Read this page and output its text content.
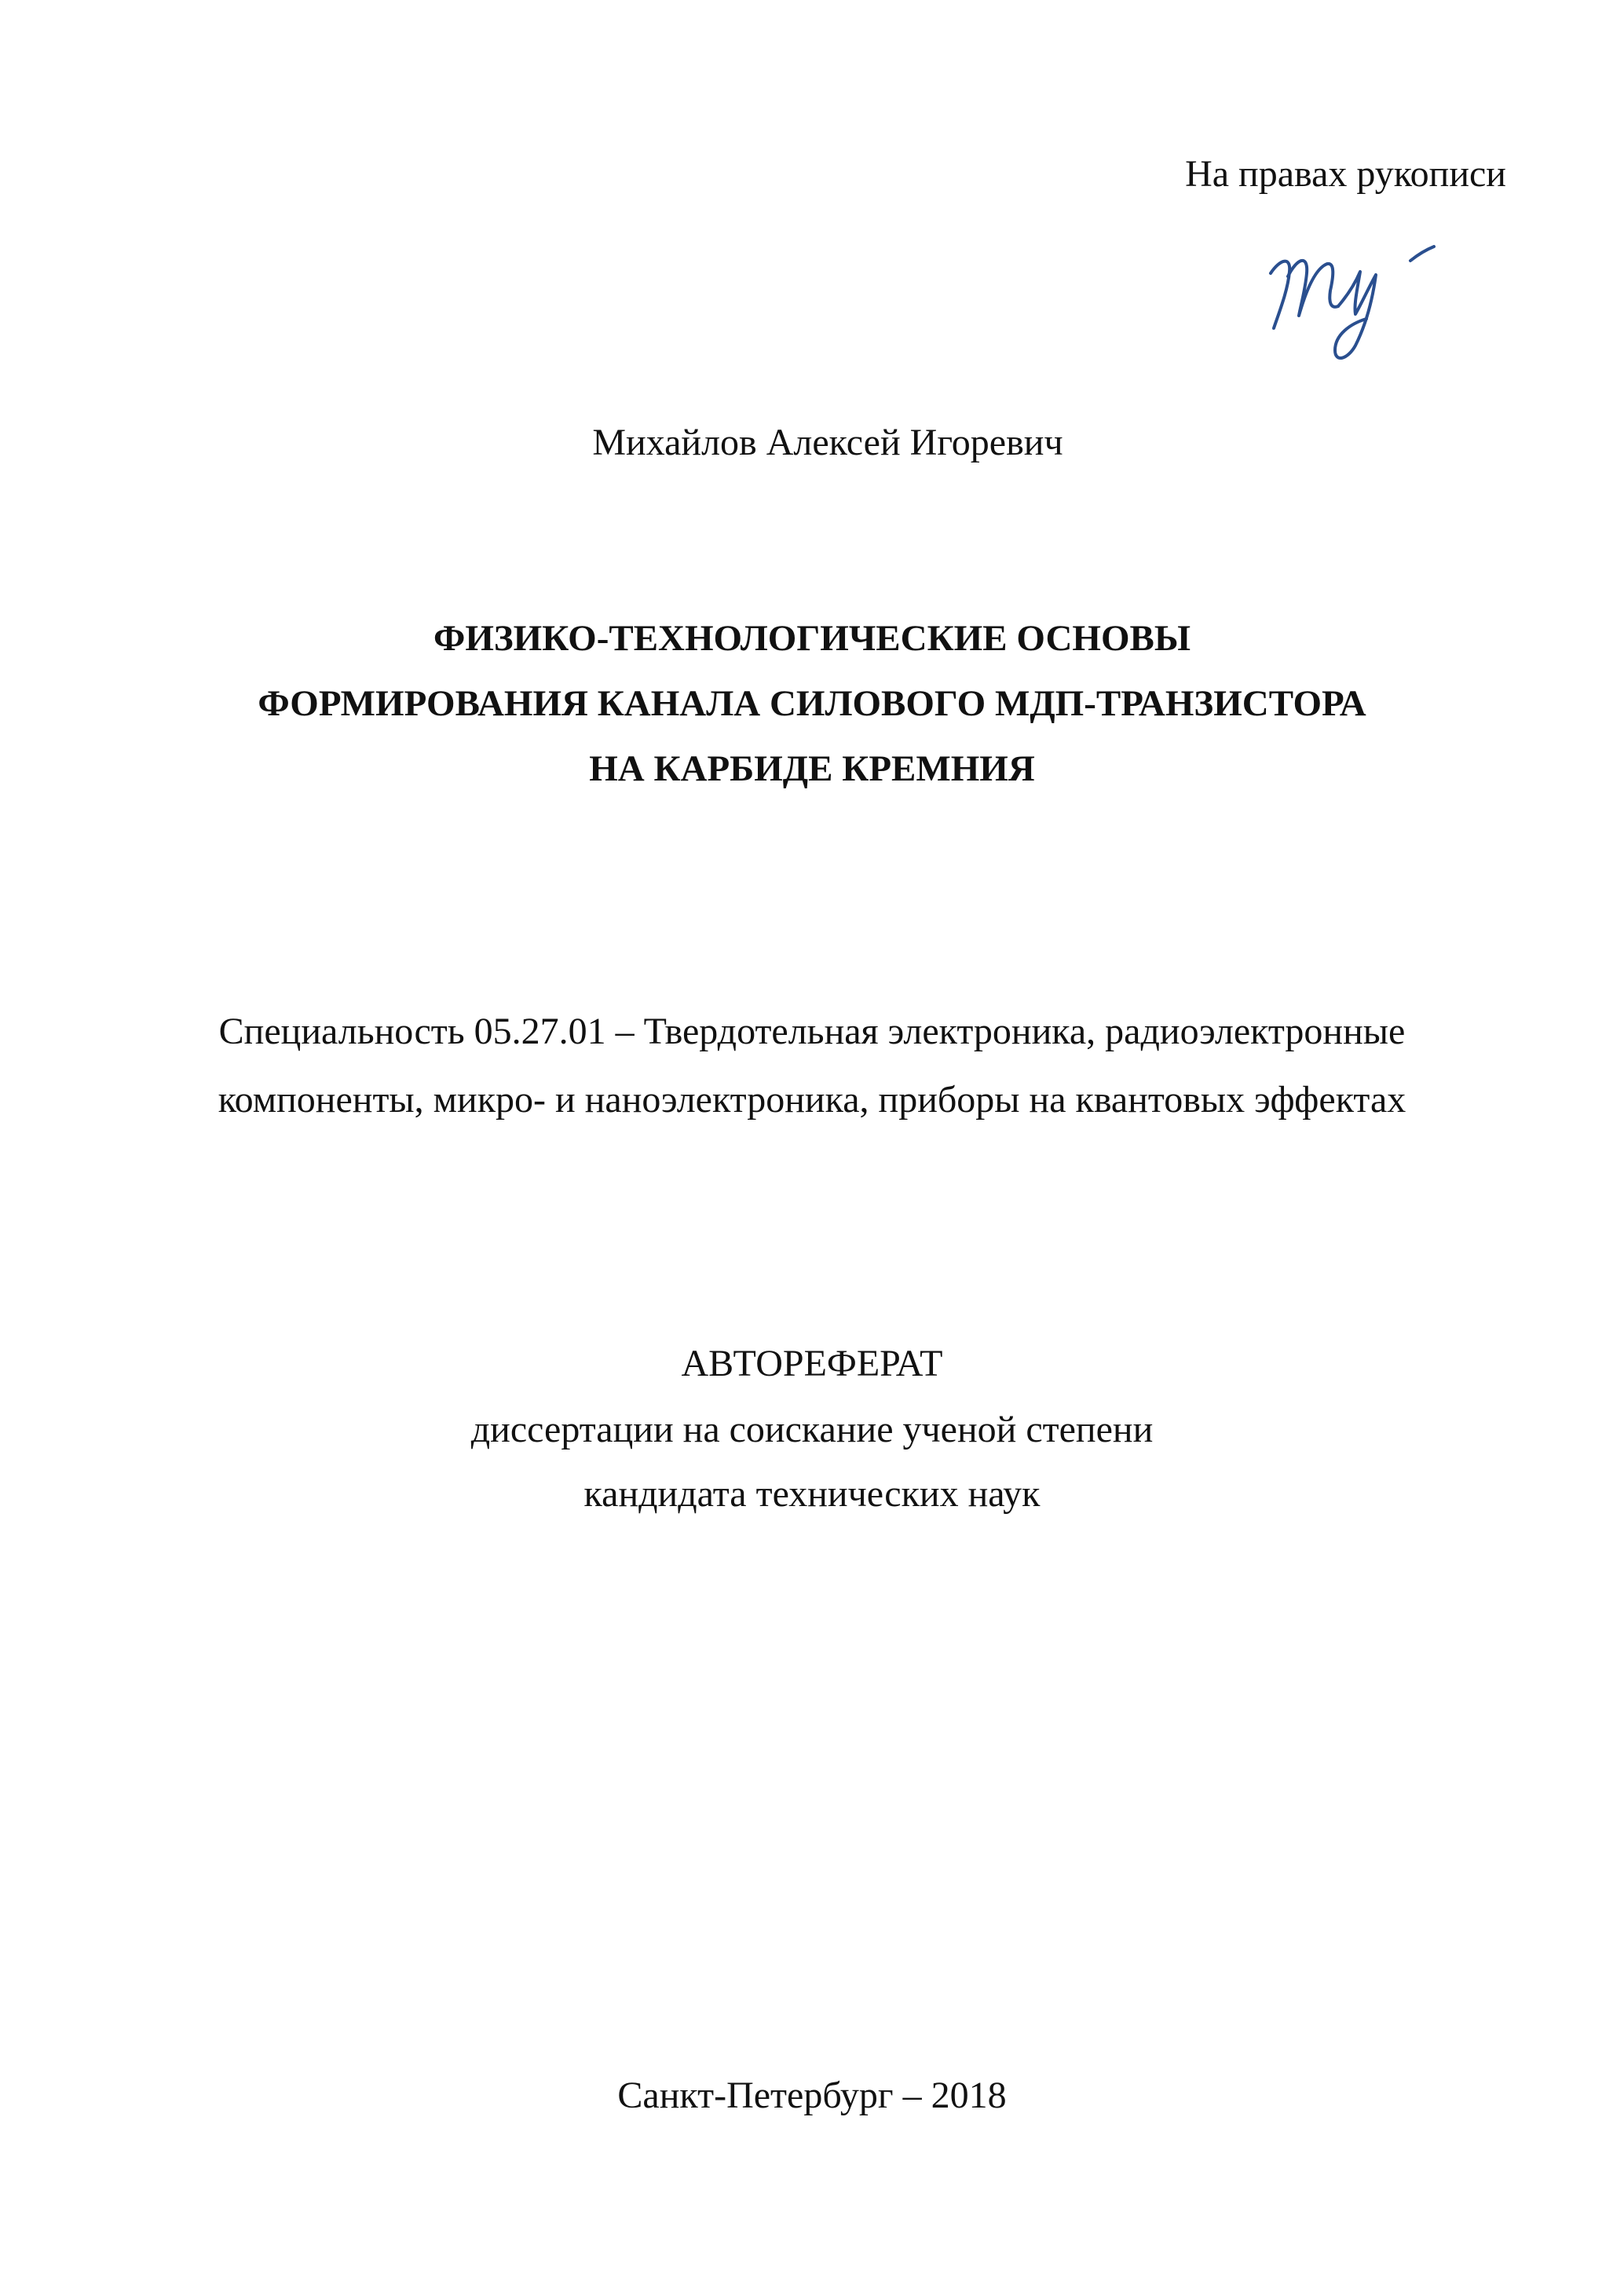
На правах рукописи
Михайлов Алексей Игоревич
ФИЗИКО-ТЕХНОЛОГИЧЕСКИЕ ОСНОВЫ
ФОРМИРОВАНИЯ КАНАЛА СИЛОВОГО МДП-ТРАНЗИСТОРА
НА КАРБИДЕ КРЕМНИЯ
Специальность 05.27.01 – Твердотельная электроника, радиоэлектронные
компоненты, микро- и наноэлектроника, приборы на квантовых эффектах
АВТОРЕФЕРАТ
диссертации на соискание ученой степени
кандидата технических наук
Санкт-Петербург – 2018
